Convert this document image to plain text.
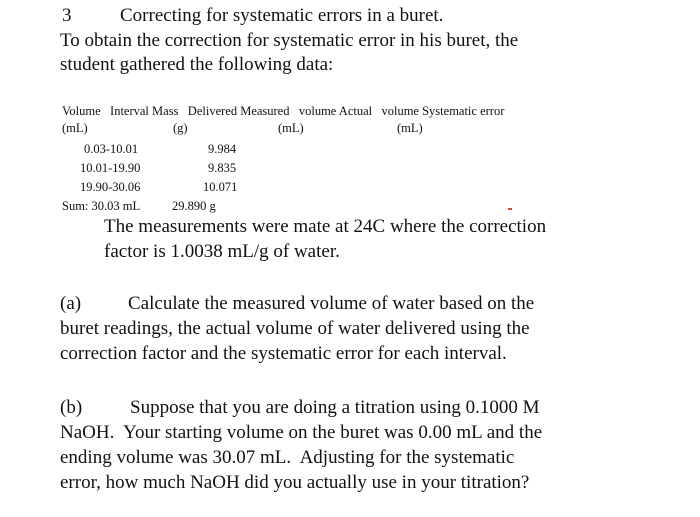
3	Correcting for systematic errors in a buret.
To obtain the correction for systematic error in his buret, the
student gathered the following data:
Volume   Interval Mass   Delivered Measured   volume Actual   volume Systematic error
(mL)	(g)	(mL)	(mL)
0.03-10.01	9.984
10.01-19.90	9.835
19.90-30.06	10.071
Sum: 30.03 mL	29.890 g
The measurements were mate at 24C where the correction
factor is 1.0038 mL/g of water.
(a) Calculate the measured volume of water based on the
buret readings, the actual volume of water delivered using the
correction factor and the systematic error for each interval.
(b)	Suppose that you are doing a titration using 0.1000 M
NaOH.  Your starting volume on the buret was 0.00 mL and the
ending volume was 30.07 mL.  Adjusting for the systematic
error, how much NaOH did you actually use in your titration?
